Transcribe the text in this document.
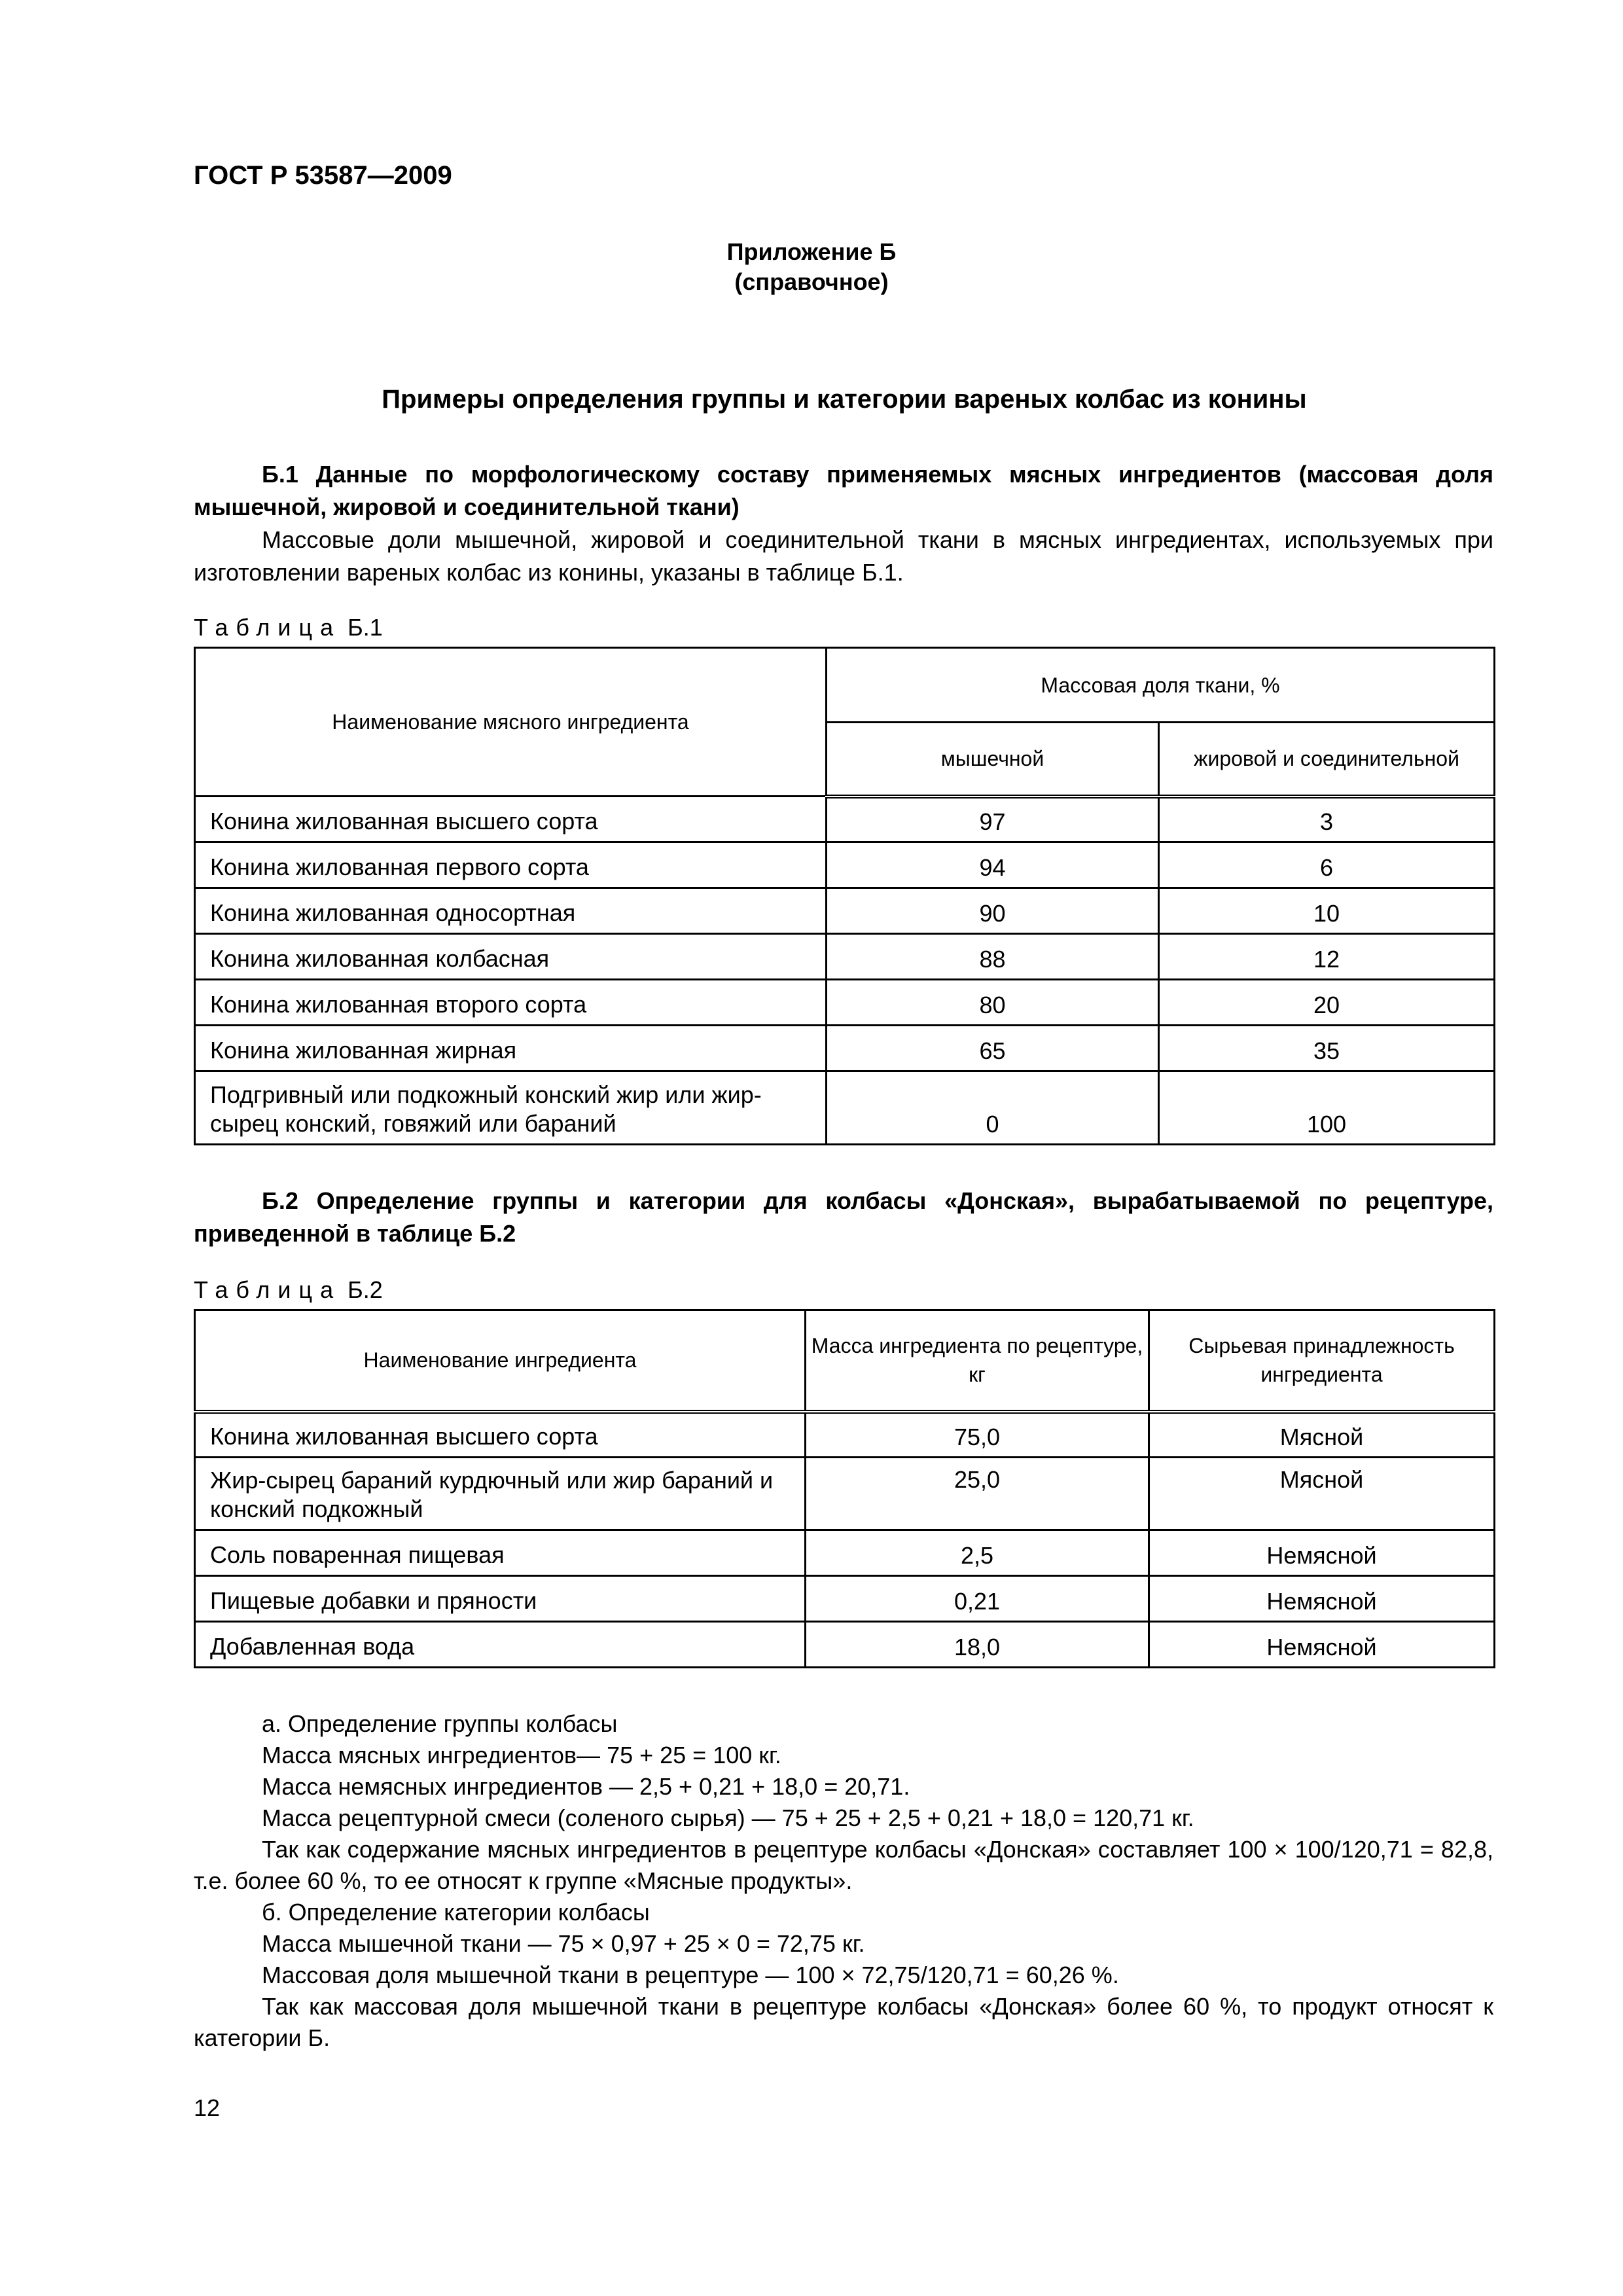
ГОСТ Р 53587—2009
Приложение Б
(справочное)
Примеры определения группы и категории вареных колбас из конины
Б.1 Данные по морфологическому составу применяемых мясных ингредиентов (массовая доля мышечной, жировой и соединительной ткани)
Массовые доли мышечной, жировой и соединительной ткани в мясных ингредиентах, используемых при изготовлении вареных колбас из конины, указаны в таблице Б.1.
Таблица Б.1
Наименование мясного ингредиента	Массовая доля ткани, %	
	мышечной	жировой и соединительной
Конина жилованная высшего сорта	97	3
Конина жилованная первого сорта	94	6
Конина жилованная односортная	90	10
Конина жилованная колбасная	88	12
Конина жилованная второго сорта	80	20
Конина жилованная жирная	65	35
Подгривный или подкожный конский жир или жир-сырец конский, говяжий или бараний	0	100
Б.2 Определение группы и категории для колбасы «Донская», вырабатываемой по рецептуре, приведенной в таблице Б.2
Таблица Б.2
Наименование ингредиента	Масса ингредиента по рецептуре, кг	Сырьевая принадлежность ингредиента
Конина жилованная высшего сорта	75,0	Мясной
Жир-сырец бараний курдючный или жир бараний и конский подкожный	25,0	Мясной
Соль поваренная пищевая	2,5	Немясной
Пищевые добавки и пряности	0,21	Немясной
Добавленная вода	18,0	Немясной
а. Определение группы колбасы
Масса мясных ингредиентов— 75 + 25 = 100 кг.
Масса немясных ингредиентов — 2,5 + 0,21 + 18,0 = 20,71.
Масса рецептурной смеси (соленого сырья) — 75 + 25 + 2,5 + 0,21 + 18,0 = 120,71 кг.
Так как содержание мясных ингредиентов в рецептуре колбасы «Донская» составляет 100 × 100/120,71 = 82,8, т.е. более 60 %, то ее относят к группе «Мясные продукты».
б. Определение категории колбасы
Масса мышечной ткани — 75 × 0,97 + 25 × 0 = 72,75 кг.
Массовая доля мышечной ткани в рецептуре — 100 × 72,75/120,71 = 60,26 %.
Так как массовая доля мышечной ткани в рецептуре колбасы «Донская» более 60 %, то продукт относят к категории Б.
12
